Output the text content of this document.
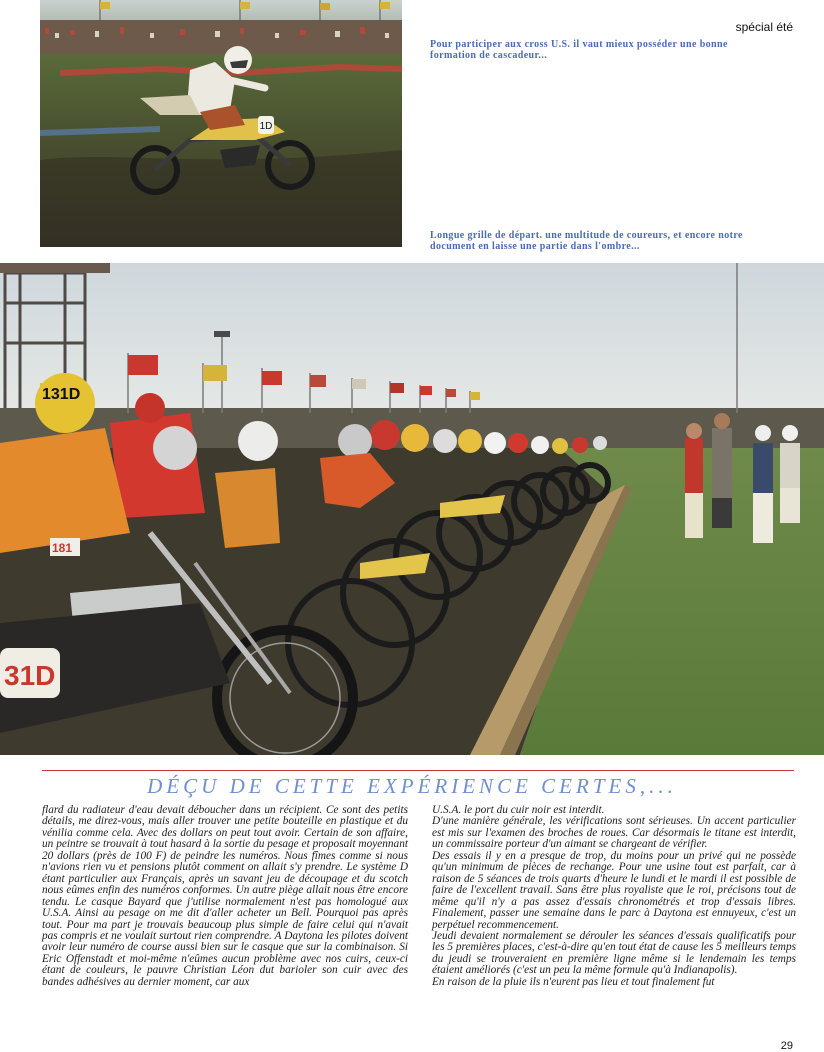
spécial été
1D
Pour participer aux cross U.S. il vaut mieux posséder une bonne formation de cascadeur...
Longue grille de départ. une multitude de coureurs, et encore notre document en laisse une partie dans l'ombre...
131D
181
31D
DÉÇU DE CETTE EXPÉRIENCE CERTES,...

flard du radiateur d'eau devait déboucher dans un récipient. Ce sont des petits détails, me direz-vous, mais aller trouver une petite bouteille en plastique et du vénilia comme cela. Avec des dollars on peut tout avoir. Certain de son affaire, un peintre se trouvait à tout hasard à la sortie du pesage et proposait moyennant 20 dollars (près de 100 F) de peindre les numéros. Nous fîmes comme si nous n'avions rien vu et pensions plutôt comment on allait s'y prendre. Le système D étant particulier aux Français, après un savant jeu de découpage et du scotch nous eûmes enfin des numéros conformes. Un autre piège allait nous être encore tendu. Le casque Bayard que j'utilise normalement n'est pas homologué aux U.S.A. Ainsi au pesage on me dit d'aller acheter un Bell. Pourquoi pas après tout. Pour ma part je trouvais beaucoup plus simple de faire celui qui n'avait pas compris et ne voulait surtout rien comprendre. A Daytona les pilotes doivent avoir leur numéro de course aussi bien sur le casque que sur la combinaison. Si Eric Offenstadt et moi-même n'eûmes aucun problème avec nos cuirs, ceux-ci étant de couleurs, le pauvre Christian Léon dut barioler son cuir avec des bandes adhésives au dernier moment, car aux

U.S.A. le port du cuir noir est interdit.

D'une manière générale, les vérifications sont sérieuses. Un accent particulier est mis sur l'examen des broches de roues. Car désormais le titane est interdit, un commissaire porteur d'un aimant se chargeant de vérifier.

Des essais il y en a presque de trop, du moins pour un privé qui ne possède qu'un minimum de pièces de rechange. Pour une usine tout est parfait, car à raison de 5 séances de trois quarts d'heure le lundi et le mardi il est possible de faire de l'excellent travail. Sans être plus royaliste que le roi, précisons tout de même qu'il n'y a pas assez d'essais chronométrés et trop d'essais libres. Finalement, passer une semaine dans le parc à Daytona est ennuyeux, c'est un perpétuel recommencement.

Jeudi devaient normalement se dérouler les séances d'essais qualificatifs pour les 5 premières places, c'est-à-dire qu'en tout état de cause les 5 meilleurs temps du jeudi se trouveraient en première ligne même si le lendemain les temps étaient améliorés (c'est un peu la même formule qu'à Indianapolis).

En raison de la pluie ils n'eurent pas lieu et tout finalement fut

29
